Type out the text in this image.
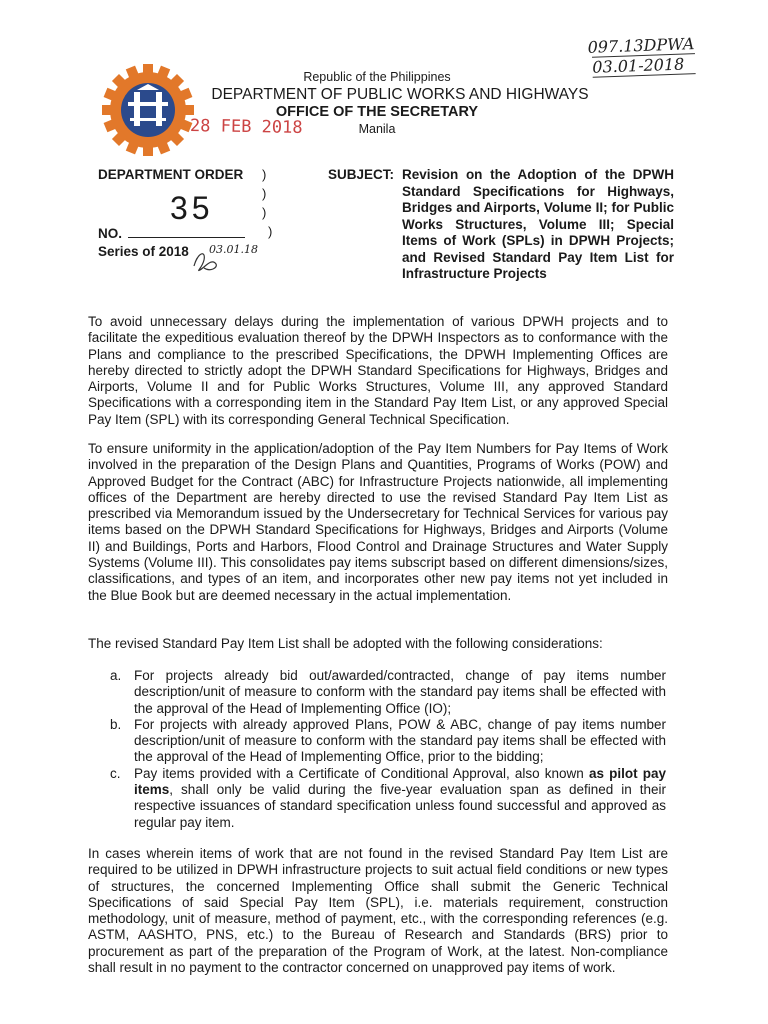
097.13DPWA
03.01-2018
Republic of the Philippines
DEPARTMENT OF PUBLIC WORKS AND HIGHWAYS
OFFICE OF THE SECRETARY
28 FEB 2018	Manila
DEPARTMENT ORDER )
)
35	)
NO.	)
Series of 2018 03.01.18
SUBJECT: Revision on the Adoption of the DPWH Standard Specifications for Highways, Bridges and Airports, Volume II; for Public Works Structures, Volume III; Special Items of Work (SPLs) in DPWH Projects; and Revised Standard Pay Item List for Infrastructure Projects

To avoid unnecessary delays during the implementation of various DPWH projects and to facilitate the expeditious evaluation thereof by the DPWH Inspectors as to conformance with the Plans and compliance to the prescribed Specifications, the DPWH Implementing Offices are hereby directed to strictly adopt the DPWH Standard Specifications for Highways, Bridges and Airports, Volume II and for Public Works Structures, Volume III, any approved Standard Specifications with a corresponding item in the Standard Pay Item List, or any approved Special Pay Item (SPL) with its corresponding General Technical Specification.

To ensure uniformity in the application/adoption of the Pay Item Numbers for Pay Items of Work involved in the preparation of the Design Plans and Quantities, Programs of Works (POW) and Approved Budget for the Contract (ABC) for Infrastructure Projects nationwide, all implementing offices of the Department are hereby directed to use the revised Standard Pay Item List as prescribed via Memorandum issued by the Undersecretary for Technical Services for various pay items based on the DPWH Standard Specifications for Highways, Bridges and Airports (Volume II) and Buildings, Ports and Harbors, Flood Control and Drainage Structures and Water Supply Systems (Volume III). This consolidates pay items subscript based on different dimensions/sizes, classifications, and types of an item, and incorporates other new pay items not yet included in the Blue Book but are deemed necessary in the actual implementation.

The revised Standard Pay Item List shall be adopted with the following considerations:

a. For projects already bid out/awarded/contracted, change of pay items number description/unit of measure to conform with the standard pay items shall be effected with the approval of the Head of Implementing Office (IO);

b. For projects with already approved Plans, POW & ABC, change of pay items number description/unit of measure to conform with the standard pay items shall be effected with the approval of the Head of Implementing Office, prior to the bidding;

c. Pay items provided with a Certificate of Conditional Approval, also known as pilot pay items, shall only be valid during the five-year evaluation span as defined in their respective issuances of standard specification unless found successful and approved as regular pay item.

In cases wherein items of work that are not found in the revised Standard Pay Item List are required to be utilized in DPWH infrastructure projects to suit actual field conditions or new types of structures, the concerned Implementing Office shall submit the Generic Technical Specifications of said Special Pay Item (SPL), i.e. materials requirement, construction methodology, unit of measure, method of payment, etc., with the corresponding references (e.g. ASTM, AASHTO, PNS, etc.) to the Bureau of Research and Standards (BRS) prior to procurement as part of the preparation of the Program of Work, at the latest. Non-compliance shall result in no payment to the contractor concerned on unapproved pay items of work.
